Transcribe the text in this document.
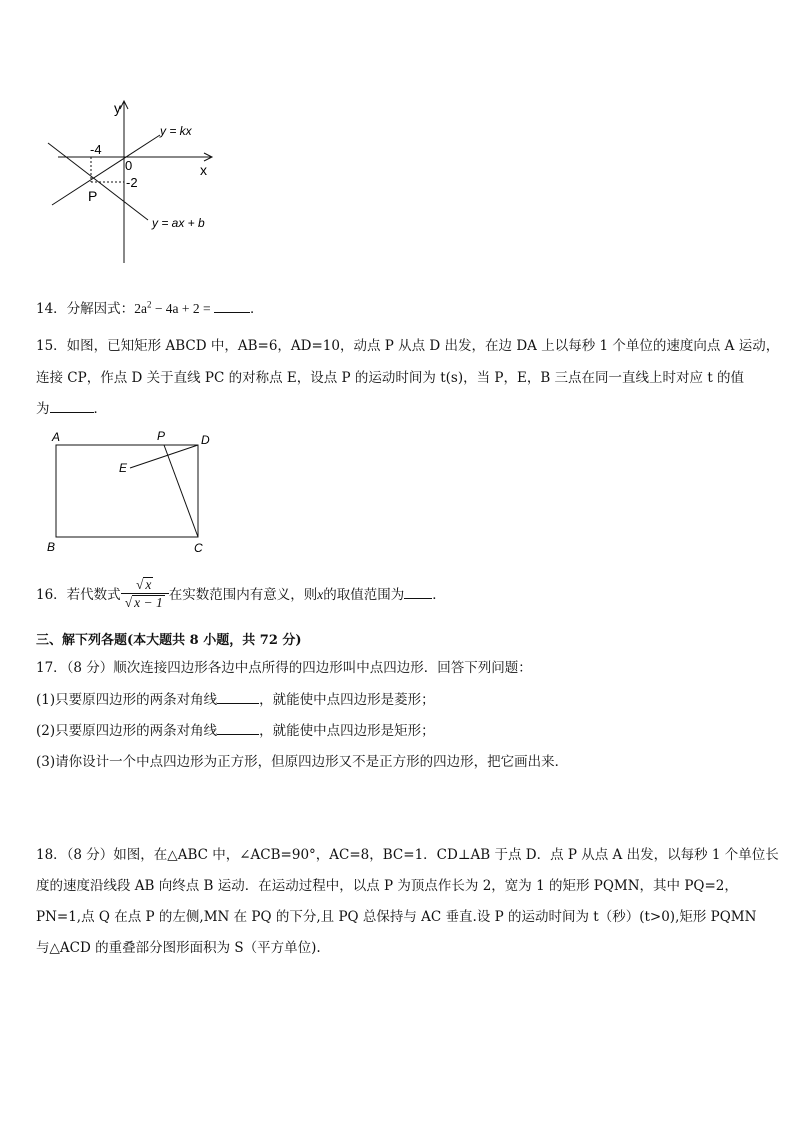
y
x
0
-4
-2
P
y = kx
y = ax + b
14．分解因式：$2a^2 - 4a + 2$ =	．
15．如图，已知矩形 ABCD 中，AB=6，AD=10，动点 P 从点 D 出发，在边 DA 上以每秒 1 个单位的速度向点 A 运动，
连接 CP，作点 D 关于直线 PC 的对称点 E，设点 P 的运动时间为 t(s)，当 P，E，B 三点在同一直线上时对应 t 的值
为	．
A	P	D
E
B	C
16．若代数式 $\frac{√ x}{√ x - 1}$ 在实数范围内有意义，则x的取值范围为 ．
三、解下列各题(本大题共 8 小题，共 72 分)
17．（8 分）顺次连接四边形各边中点所得的四边形叫中点四边形．回答下列问题：
(1)只要原四边形的两条对角线	，就能使中点四边形是菱形；
(2)只要原四边形的两条对角线	，就能使中点四边形是矩形；
(3)请你设计一个中点四边形为正方形，但原四边形又不是正方形的四边形，把它画出来．
18．（8 分）如图，在△ABC 中，∠ACB=90°，AC=8，BC=1．CD⊥AB 于点 D．点 P 从点 A 出发，以每秒 1 个单位长
度的速度沿线段 AB 向终点 B 运动．在运动过程中，以点 P 为顶点作长为 2，宽为 1 的矩形 PQMN，其中 PQ=2，
PN=1,点 Q 在点 P 的左侧,MN 在 PQ 的下分,且 PQ 总保持与 AC 垂直.设 P 的运动时间为 t（秒）(t>0),矩形 PQMN
与△ACD 的重叠部分图形面积为 S（平方单位).
